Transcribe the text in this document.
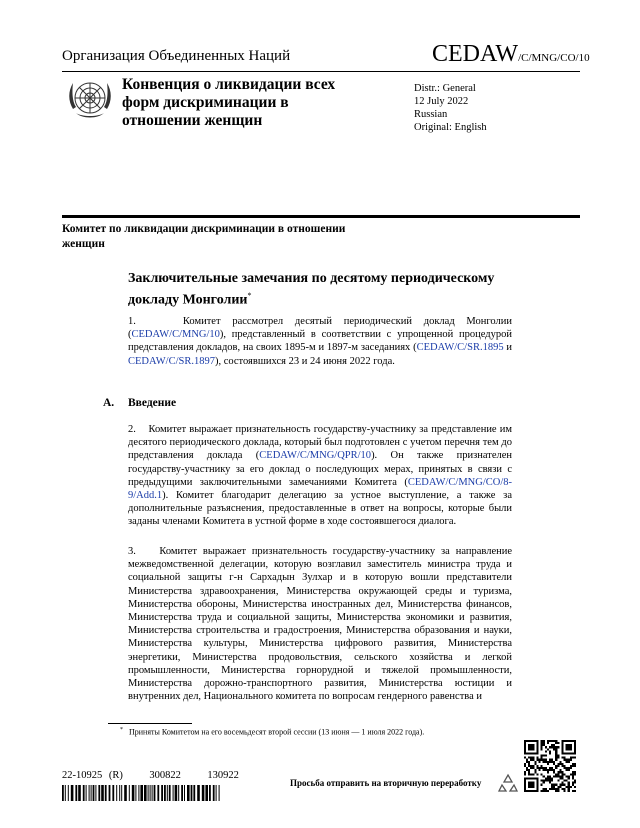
Организация Объединенных Наций	CEDAW/C/MNG/CO/10
Конвенция о ликвидации всех форм дискриминации в отношении женщин
Distr.: General
12 July 2022
Russian
Original: English
Комитет по ликвидации дискриминации в отношении женщин
Заключительные замечания по десятому периодическому докладу Монголии*
1.	Комитет рассмотрел десятый периодический доклад Монголии (CEDAW/C/MNG/10), представленный в соответствии с упрощенной процедурой представления докладов, на своих 1895-м и 1897-м заседаниях (CEDAW/C/SR.1895 и CEDAW/C/SR.1897), состоявшихся 23 и 24 июня 2022 года.
A. Введение
2. Комитет выражает признательность государству-участнику за представление им десятого периодического доклада, который был подготовлен с учетом перечня тем до представления доклада (CEDAW/C/MNG/QPR/10). Он также признателен государству-участнику за его доклад о последующих мерах, принятых в связи с предыдущими заключительными замечаниями Комитета (CEDAW/C/MNG/CO/8-9/Add.1). Комитет благодарит делегацию за устное выступление, а также за дополнительные разъяснения, предоставленные в ответ на вопросы, которые были заданы членами Комитета в устной форме в ходе состоявшегося диалога.
3. Комитет выражает признательность государству-участнику за направление межведомственной делегации, которую возглавил заместитель министра труда и социальной защиты г-н Сархадын Зулхар и в которую вошли представители Министерства здравоохранения, Министерства окружающей среды и туризма, Министерства обороны, Министерства иностранных дел, Министерства финансов, Министерства труда и социальной защиты, Министерства экономики и развития, Министерства строительства и градостроения, Министерства образования и науки, Министерства культуры, Министерства цифрового развития, Министерства энергетики, Министерства продовольствия, сельского хозяйства и легкой промышленности, Министерства горнорудной и тяжелой промышленности, Министерства дорожно-транспортного развития, Министерства юстиции и внутренних дел, Национального комитета по вопросам гендерного равенства и
* Приняты Комитетом на его восемьдесят второй сессии (13 июня — 1 июля 2022 года).
22-10925 (R)    300822    130922
Просьба отправить на вторичную переработку
